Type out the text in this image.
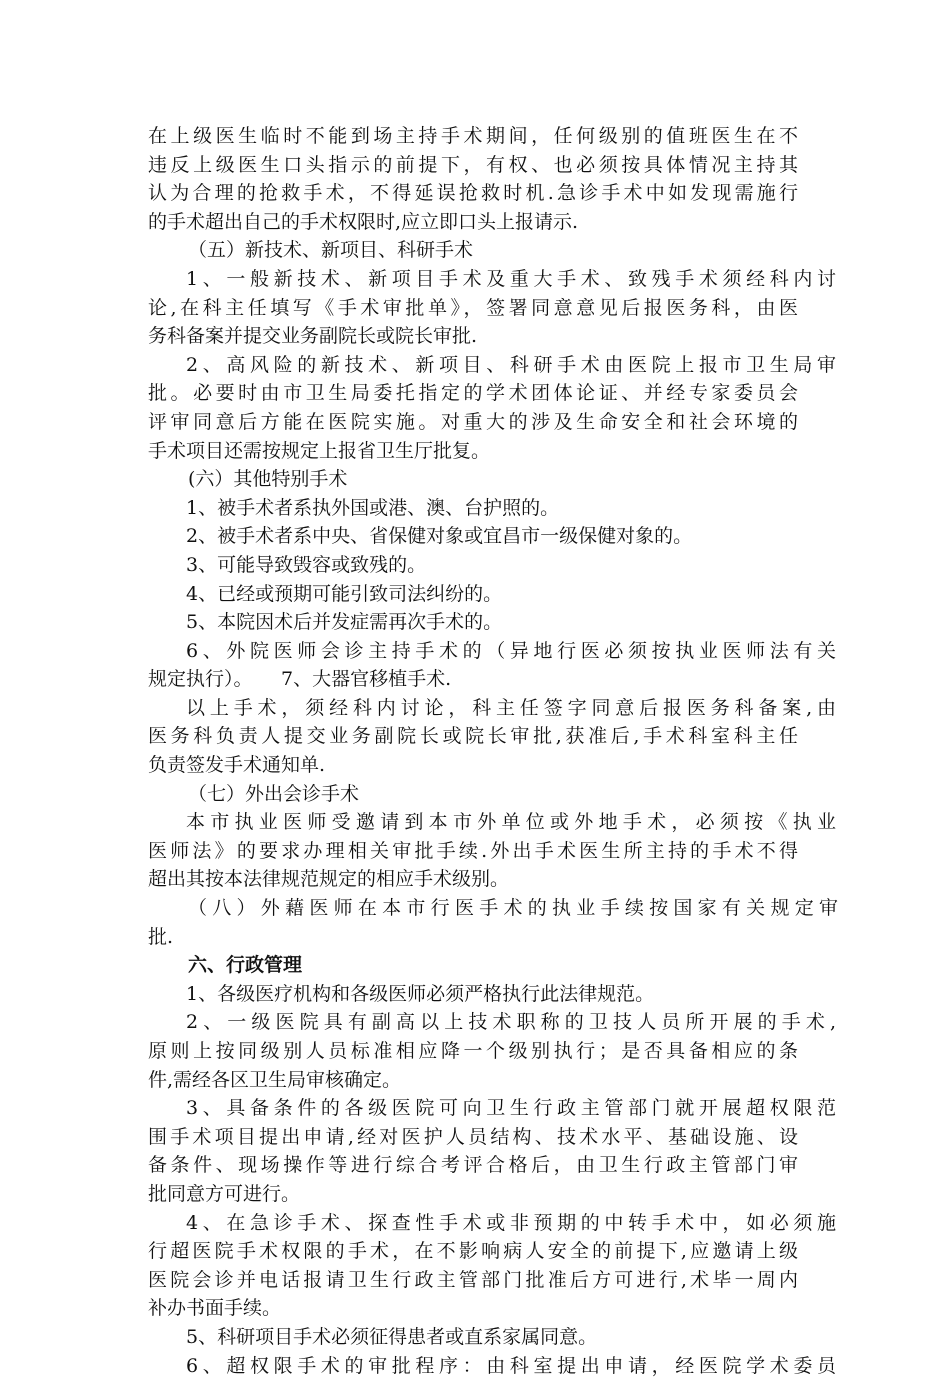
在上级医生临时不能到场主持手术期间，任何级别的值班医生在不
违反上级医生口头指示的前提下，有权、也必须按具体情况主持其
认为合理的抢救手术，不得延误抢救时机.急诊手术中如发现需施行
的手术超出自己的手术权限时,应立即口头上报请示.
（五）新技术、新项目、科研手术
1、一般新技术、新项目手术及重大手术、致残手术须经科内讨
论,在科主任填写《手术审批单》，签署同意意见后报医务科，由医
务科备案并提交业务副院长或院长审批.
2、高风险的新技术、新项目、科研手术由医院上报市卫生局审
批。必要时由市卫生局委托指定的学术团体论证、并经专家委员会
评审同意后方能在医院实施。对重大的涉及生命安全和社会环境的
手术项目还需按规定上报省卫生厅批复。
(六）其他特别手术
1、被手术者系执外国或港、澳、台护照的。
2、被手术者系中央、省保健对象或宜昌市一级保健对象的。
3、可能导致毁容或致残的。
4、已经或预期可能引致司法纠纷的。
5、本院因术后并发症需再次手术的。
6、外院医师会诊主持手术的（异地行医必须按执业医师法有关
规定执行）。　　7、大器官移植手术.
以上手术，须经科内讨论，科主任签字同意后报医务科备案,由
医务科负责人提交业务副院长或院长审批,获准后,手术科室科主任
负责签发手术通知单.
（七）外出会诊手术
本市执业医师受邀请到本市外单位或外地手术，必须按《执业
医师法》的要求办理相关审批手续.外出手术医生所主持的手术不得
超出其按本法律规范规定的相应手术级别。
（八）外藉医师在本市行医手术的执业手续按国家有关规定审
批.
六、行政管理
1、各级医疗机构和各级医师必须严格执行此法律规范。
2、一级医院具有副高以上技术职称的卫技人员所开展的手术,
原则上按同级别人员标准相应降一个级别执行；是否具备相应的条
件,需经各区卫生局审核确定。
3、具备条件的各级医院可向卫生行政主管部门就开展超权限范
围手术项目提出申请,经对医护人员结构、技术水平、基础设施、设
备条件、现场操作等进行综合考评合格后，由卫生行政主管部门审
批同意方可进行。
4、在急诊手术、探查性手术或非预期的中转手术中，如必须施
行超医院手术权限的手术，在不影响病人安全的前提下,应邀请上级
医院会诊并电话报请卫生行政主管部门批准后方可进行,术毕一周内
补办书面手续。
5、科研项目手术必须征得患者或直系家属同意。
6、超权限手术的审批程序：由科室提出申请，经医院学术委员
